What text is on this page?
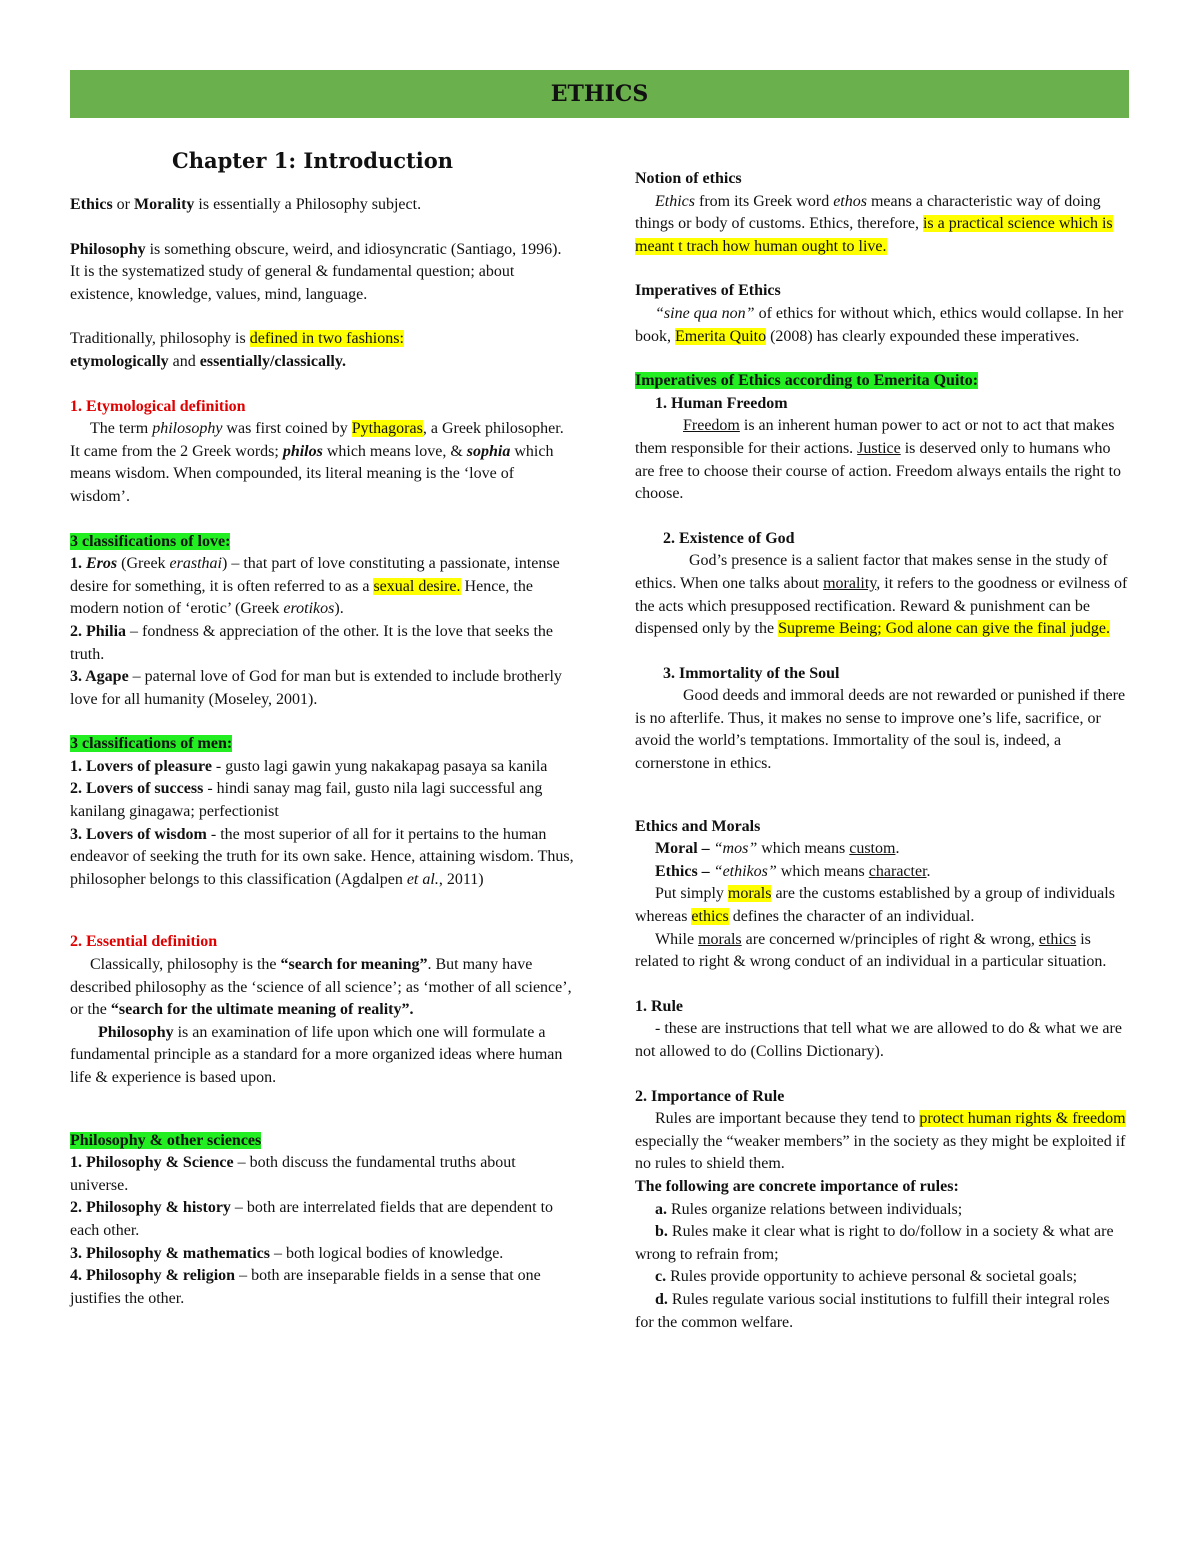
ETHICS
Chapter 1: Introduction

Ethics or Morality is essentially a Philosophy subject.

Philosophy is something obscure, weird, and idiosyncratic (Santiago, 1996). It is the systematized study of general & fundamental question; about existence, knowledge, values, mind, language.

Traditionally, philosophy is defined in two fashions:
etymologically and essentially/classically.

1. Etymological definition

The term philosophy was first coined by Pythagoras, a Greek philosopher. It came from the 2 Greek words; philos which means love, & sophia which means wisdom. When compounded, its literal meaning is the ‘love of wisdom’.

3 classifications of love:

1. Eros (Greek erasthai) – that part of love constituting a passionate, intense desire for something, it is often referred to as a sexual desire. Hence, the modern notion of ‘erotic’ (Greek erotikos).

2. Philia – fondness & appreciation of the other. It is the love that seeks the truth.

3. Agape – paternal love of God for man but is extended to include brotherly love for all humanity (Moseley, 2001).

3 classifications of men:

1. Lovers of pleasure - gusto lagi gawin yung nakakapag pasaya sa kanila

2. Lovers of success - hindi sanay mag fail, gusto nila lagi successful ang kanilang ginagawa; perfectionist

3. Lovers of wisdom - the most superior of all for it pertains to the human endeavor of seeking the truth for its own sake. Hence, attaining wisdom. Thus, philosopher belongs to this classification (Agdalpen et al., 2011)

2. Essential definition

Classically, philosophy is the “search for meaning”. But many have described philosophy as the ‘science of all science’; as ‘mother of all science’, or the “search for the ultimate meaning of reality”.

Philosophy is an examination of life upon which one will formulate a fundamental principle as a standard for a more organized ideas where human life & experience is based upon.

Philosophy & other sciences

1. Philosophy & Science – both discuss the fundamental truths about universe.

2. Philosophy & history – both are interrelated fields that are dependent to each other.

3. Philosophy & mathematics – both logical bodies of knowledge.

4. Philosophy & religion – both are inseparable fields in a sense that one justifies the other.

Notion of ethics

Ethics from its Greek word ethos means a characteristic way of doing things or body of customs. Ethics, therefore, is a practical science which is meant t trach how human ought to live.

Imperatives of Ethics

“sine qua non” of ethics for without which, ethics would collapse. In her book, Emerita Quito (2008) has clearly expounded these imperatives.

Imperatives of Ethics according to Emerita Quito:

1. Human Freedom

Freedom is an inherent human power to act or not to act that makes them responsible for their actions. Justice is deserved only to humans who are free to choose their course of action. Freedom always entails the right to choose.

2. Existence of God

God’s presence is a salient factor that makes sense in the study of ethics. When one talks about morality, it refers to the goodness or evilness of the acts which presupposed rectification. Reward & punishment can be dispensed only by the Supreme Being; God alone can give the final judge.

3. Immortality of the Soul

Good deeds and immoral deeds are not rewarded or punished if there is no afterlife. Thus, it makes no sense to improve one’s life, sacrifice, or avoid the world’s temptations. Immortality of the soul is, indeed, a cornerstone in ethics.

Ethics and Morals

Moral – “mos” which means custom.

Ethics – “ethikos” which means character.

Put simply morals are the customs established by a group of individuals whereas ethics defines the character of an individual.

While morals are concerned w/principles of right & wrong, ethics is related to right & wrong conduct of an individual in a particular situation.

1. Rule

- these are instructions that tell what we are allowed to do & what we are not allowed to do (Collins Dictionary).

2. Importance of Rule

Rules are important because they tend to protect human rights & freedom especially the “weaker members” in the society as they might be exploited if no rules to shield them.

The following are concrete importance of rules:

a. Rules organize relations between individuals;

b. Rules make it clear what is right to do/follow in a society & what are wrong to refrain from;

c. Rules provide opportunity to achieve personal & societal goals;

d. Rules regulate various social institutions to fulfill their integral roles for the common welfare.
